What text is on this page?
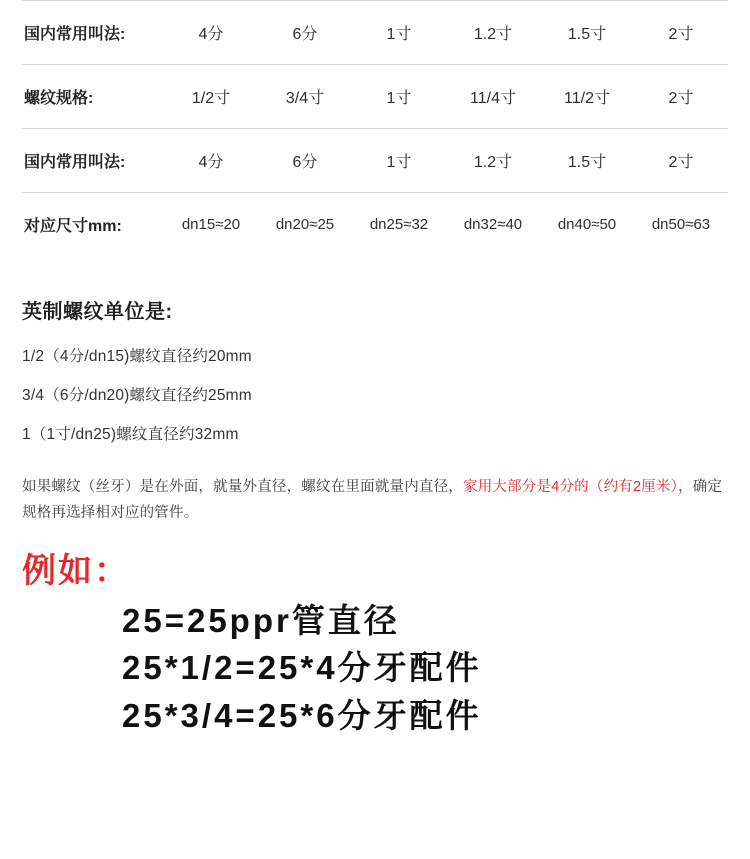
国内常用叫法:	4分	6分	1寸	1.2寸	1.5寸	2寸
螺纹规格:	1/2寸	3/4寸	1寸	11/4寸	11/2寸	2寸
国内常用叫法:	4分	6分	1寸	1.2寸	1.5寸	2寸
对应尺寸mm:	dn15≈20	dn20≈25	dn25≈32	dn32≈40	dn40≈50	dn50≈63
英制螺纹单位是:
1/2（4分/dn15)螺纹直径约20mm
3/4（6分/dn20)螺纹直径约25mm
1（1寸/dn25)螺纹直径约32mm
如果螺纹（丝牙）是在外面，就量外直径，螺纹在里面就量内直径，家用大部分是4分的（约有2厘米），确定规格再选择相对应的管件。
例如：
25=25ppr管直径
25*1/2=25*4分牙配件
25*3/4=25*6分牙配件
